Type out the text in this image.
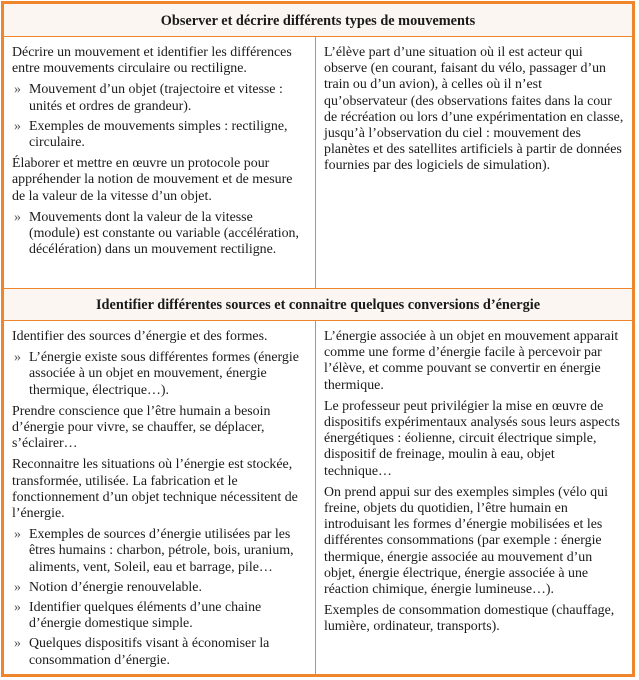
Observer et décrire différents types de mouvements

Décrire un mouvement et identifier les différences entre mouvements circulaire ou rectiligne.

» Mouvement d’un objet (trajectoire et vitesse : unités et ordres de grandeur).
» Exemples de mouvements simples : rectiligne, circulaire.

Élaborer et mettre en œuvre un protocole pour appréhender la notion de mouvement et de mesure de la valeur de la vitesse d’un objet.

» Mouvements dont la valeur de la vitesse (module) est constante ou variable (accélération, décélération) dans un mouvement rectiligne.

L’élève part d’une situation où il est acteur qui observe (en courant, faisant du vélo, passager d’un train ou d’un avion), à celles où il n’est qu’observateur (des observations faites dans la cour de récréation ou lors d’une expérimentation en classe, jusqu’à l’observation du ciel : mouvement des planètes et des satellites artificiels à partir de données fournies par des logiciels de simulation).

Identifier différentes sources et connaitre quelques conversions d’énergie

Identifier des sources d’énergie et des formes.

» L’énergie existe sous différentes formes (énergie associée à un objet en mouvement, énergie thermique, électrique…).

Prendre conscience que l’être humain a besoin d’énergie pour vivre, se chauffer, se déplacer, s’éclairer…

Reconnaitre les situations où l’énergie est stockée, transformée, utilisée. La fabrication et le fonctionnement d’un objet technique nécessitent de l’énergie.

» Exemples de sources d’énergie utilisées par les êtres humains : charbon, pétrole, bois, uranium, aliments, vent, Soleil, eau et barrage, pile…
» Notion d’énergie renouvelable.
» Identifier quelques éléments d’une chaine d’énergie domestique simple.
» Quelques dispositifs visant à économiser la consommation d’énergie.

L’énergie associée à un objet en mouvement apparait comme une forme d’énergie facile à percevoir par l’élève, et comme pouvant se convertir en énergie thermique.

Le professeur peut privilégier la mise en œuvre de dispositifs expérimentaux analysés sous leurs aspects énergétiques : éolienne, circuit électrique simple, dispositif de freinage, moulin à eau, objet technique…

On prend appui sur des exemples simples (vélo qui freine, objets du quotidien, l’être humain en introduisant les formes d’énergie mobilisées et les différentes consommations (par exemple : énergie thermique, énergie associée au mouvement d’un objet, énergie électrique, énergie associée à une réaction chimique, énergie lumineuse…).

Exemples de consommation domestique (chauffage, lumière, ordinateur, transports).
